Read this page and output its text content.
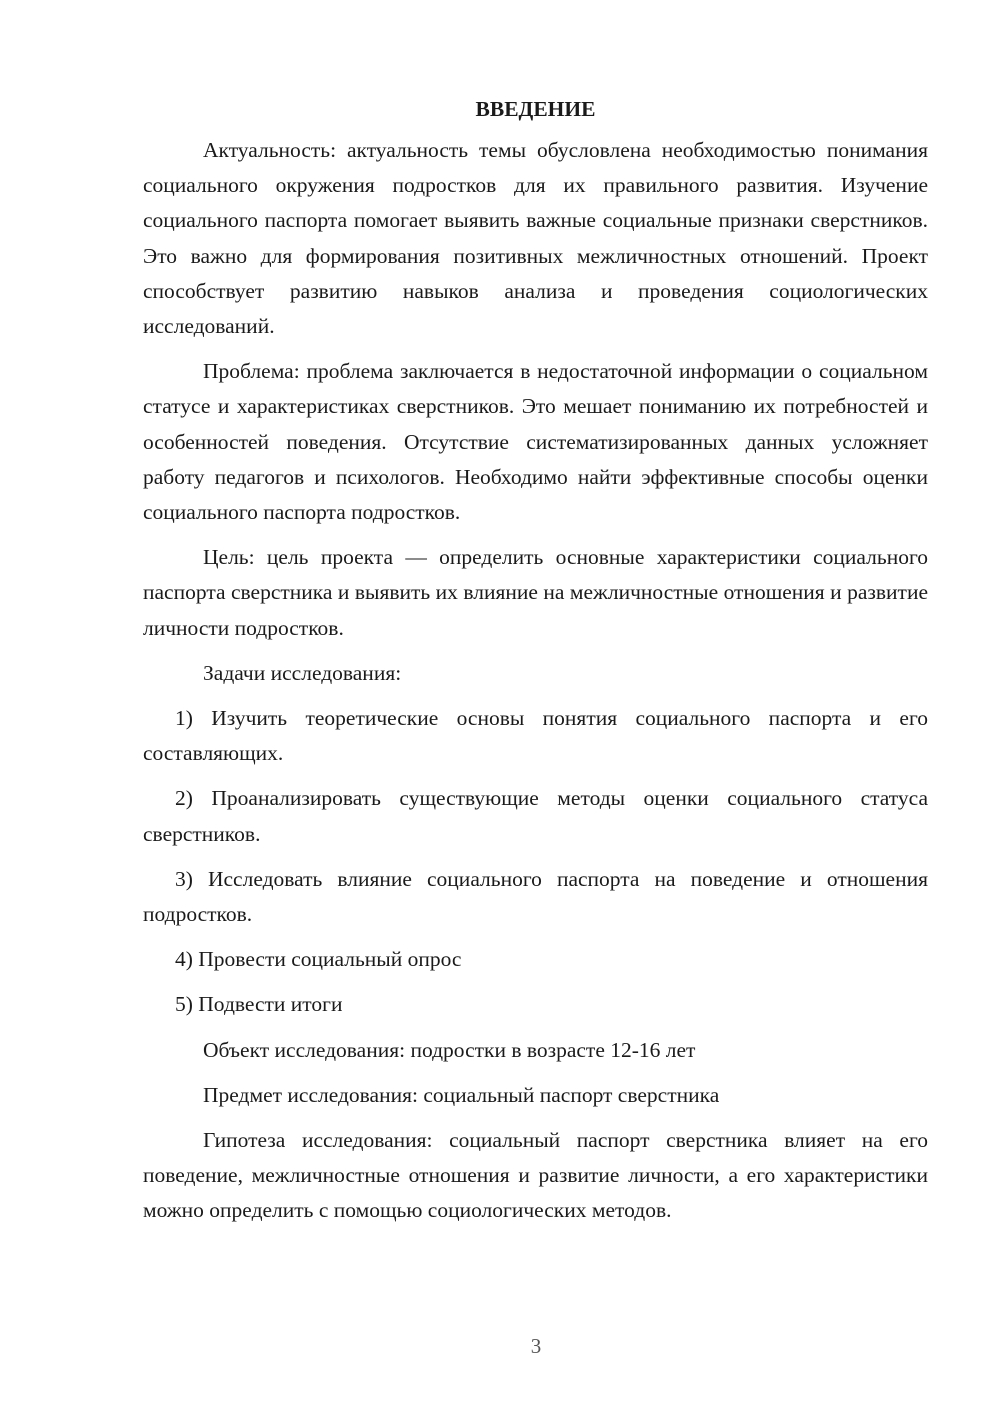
ВВЕДЕНИЕ

Актуальность: актуальность темы обусловлена необходимостью понимания социального окружения подростков для их правильного развития. Изучение социального паспорта помогает выявить важные социальные признаки сверстников. Это важно для формирования позитивных межличностных отношений. Проект способствует развитию навыков анализа и проведения социологических исследований.

Проблема: проблема заключается в недостаточной информации о социальном статусе и характеристиках сверстников. Это мешает пониманию их потребностей и особенностей поведения. Отсутствие систематизированных данных усложняет работу педагогов и психологов. Необходимо найти эффективные способы оценки социального паспорта подростков.

Цель: цель проекта — определить основные характеристики социального паспорта сверстника и выявить их влияние на межличностные отношения и развитие личности подростков.

Задачи исследования:

1) Изучить теоретические основы понятия социального паспорта и его составляющих.

2) Проанализировать существующие методы оценки социального статуса сверстников.

3) Исследовать влияние социального паспорта на поведение и отношения подростков.

4) Провести социальный опрос

5) Подвести итоги

Объект исследования: подростки в возрасте 12-16 лет

Предмет исследования: социальный паспорт сверстника

Гипотеза исследования: социальный паспорт сверстника влияет на его поведение, межличностные отношения и развитие личности, а его характеристики можно определить с помощью социологических методов.

3
